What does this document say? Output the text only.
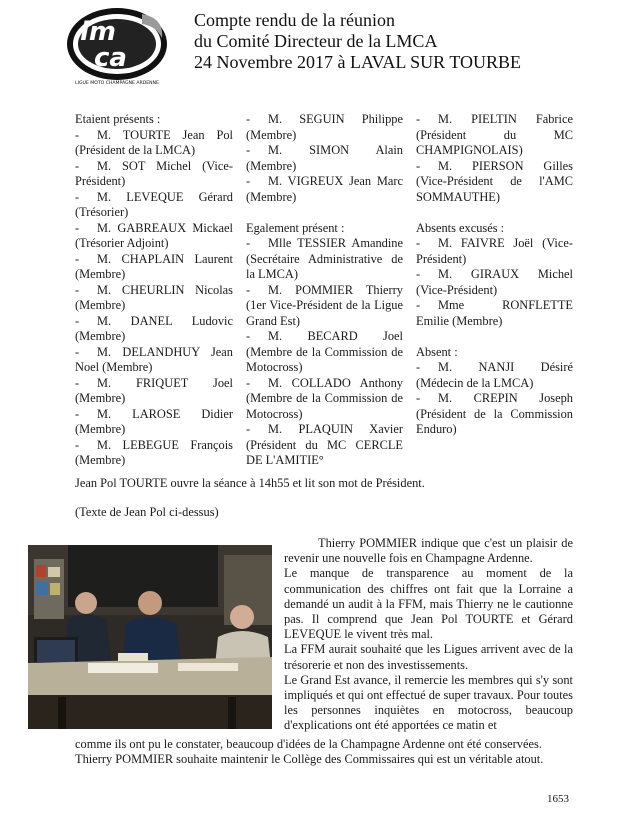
lm
ca
LIGUE MOTO CHAMPAGNE ARDENNE
Compte rendu de la réunion
du Comité Directeur de la LMCA
24 Novembre 2017 à LAVAL SUR TOURBE
Etaient présents :
- M. TOURTE Jean Pol (Président de la LMCA)
- M. SOT Michel (Vice-Président)
- M. LEVEQUE Gérard (Trésorier)
- M. GABREAUX Mickael (Trésorier Adjoint)
- M. CHAPLAIN Laurent (Membre)
- M. CHEURLIN Nicolas (Membre)
- M. DANEL Ludovic (Membre)
- M. DELANDHUY Jean Noel (Membre)
- M. FRIQUET Joel (Membre)
- M. LAROSE Didier (Membre)
- M. LEBEGUE François (Membre)
- M. SEGUIN Philippe (Membre)
- M. SIMON Alain (Membre)
- M. VIGREUX Jean Marc (Membre)
Egalement présent :
- Mlle TESSIER Amandine (Secrétaire Administrative de la LMCA)
- M. POMMIER Thierry (1er Vice-Président de la Ligue Grand Est)
- M. BECARD Joel (Membre de la Commission de Motocross)
- M. COLLADO Anthony (Membre de la Commission de Motocross)
- M. PLAQUIN Xavier (Président du MC CERCLE DE L'AMITIE°
- M. PIELTIN Fabrice (Président du MC CHAMPIGNOLAIS)
- M. PIERSON Gilles (Vice-Président de l'AMC SOMMAUTHE)
Absents excusés :
- M. FAIVRE Joël (Vice-Président)
- M. GIRAUX Michel (Vice-Président)
- Mme RONFLETTE Emilie (Membre)
Absent :
- M. NANJI Désiré (Médecin de la LMCA)
- M. CREPIN Joseph (Président de la Commission Enduro)
Jean Pol TOURTE ouvre la séance à 14h55 et lit son mot de Président.
(Texte de Jean Pol ci-dessus)
Thierry POMMIER indique que c'est un plaisir de revenir une nouvelle fois en Champagne Ardenne.
Le manque de transparence au moment de la communication des chiffres ont fait que la Lorraine a demandé un audit à la FFM, mais Thierry ne le cautionne pas. Il comprend que Jean Pol TOURTE et Gérard LEVEQUE le vivent très mal.
La FFM aurait souhaité que les Ligues arrivent avec de la trésorerie et non des investissements.
Le Grand Est avance, il remercie les membres qui s'y sont impliqués et qui ont effectué de super travaux. Pour toutes les personnes inquiètes en motocross, beaucoup d'explications ont été apportées ce matin et
comme ils ont pu le constater, beaucoup d'idées de la Champagne Ardenne ont été conservées.
Thierry POMMIER souhaite maintenir le Collège des Commissaires qui est un véritable atout.
1653
